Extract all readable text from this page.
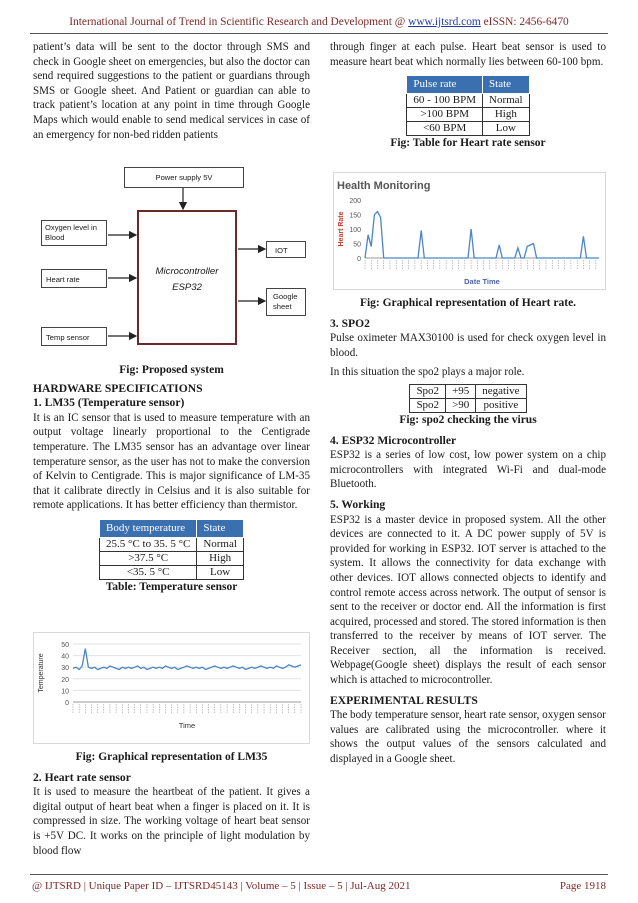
International Journal of Trend in Scientific Research and Development @ www.ijtsrd.com eISSN: 2456-6470

patient’s data will be sent to the doctor through SMS and check in Google sheet on emergencies, but also the doctor can send required suggestions to the patient or guardians through SMS or Google sheet. And Patient or guardian can able to track patient’s location at any point in time through Google Maps which would enable to send medical services in case of an emergency for non-bed ridden patients

Power supply 5V
Oxygen level in Blood
Heart rate
Temp sensor
Microcontroller
ESP32
IOT
Google sheet

Fig: Proposed system

HARDWARE SPECIFICATIONS

1. LM35 (Temperature sensor)

It is an IC sensor that is used to measure temperature with an output voltage linearly proportional to the Centigrade temperature. The LM35 sensor has an advantage over linear temperature sensor, as the user has not to make the conversion of Kelvin to Centigrade. This is major significance of LM-35 that it calibrate directly in Celsius and it is also suitable for remote applications. It has better efficiency than thermistor.

Body temperature	State
25.5 °C to 35. 5 °C	Normal
>37.5 °C	High
<35. 5 °C	Low

Table: Temperature sensor

0
10
20
30
40
50
Time
Temperature

Fig: Graphical representation of LM35

2. Heart rate sensor

It is used to measure the heartbeat of the patient. It gives a digital output of heart beat when a finger is placed on it. It is compressed in size. The working voltage of heart beat sensor is +5V DC. It works on the principle of light modulation by blood flow

through finger at each pulse. Heart beat sensor is used to measure heart beat which normally lies between 60-100 bpm.

Pulse rate	State
60 - 100 BPM	Normal
>100 BPM	High
<60 BPM	Low

Fig: Table for Heart rate sensor

Health Monitoring
0
50
100
150
200
Date Time
Heart Rate

Fig: Graphical representation of Heart rate.

3. SPO2

Pulse oximeter MAX30100 is used for check oxygen level in blood.

In this situation the spo2 plays a major role.

Spo2	+95	negative
Spo2	>90	positive

Fig: spo2 checking the virus

4. ESP32 Microcontroller

ESP32 is a series of low cost, low power system on a chip microcontrollers with integrated Wi-Fi and dual-mode Bluetooth.

5. Working

ESP32 is a master device in proposed system. All the other devices are connected to it. A DC power supply of 5V is provided for working in ESP32. IOT server is attached to the system. It allows the connectivity for data exchange with other devices. IOT allows connected objects to identify and control remote access across network. The output of sensor is sent to the receiver or doctor end. All the information is first acquired, processed and stored. The stored information is then transferred to the receiver by means of IOT server. The Receiver section, all the information is received. Webpage(Google sheet) displays the result of each sensor which is attached to microcontroller.

EXPERIMENTAL RESULTS

The body temperature sensor, heart rate sensor, oxygen sensor values are calibrated using the microcontroller. where it shows the output values of the sensors calculated and displayed in a Google sheet.

@ IJTSRD | Unique Paper ID – IJTSRD45143 | Volume – 5 | Issue – 5 | Jul-Aug 2021	Page 1918
